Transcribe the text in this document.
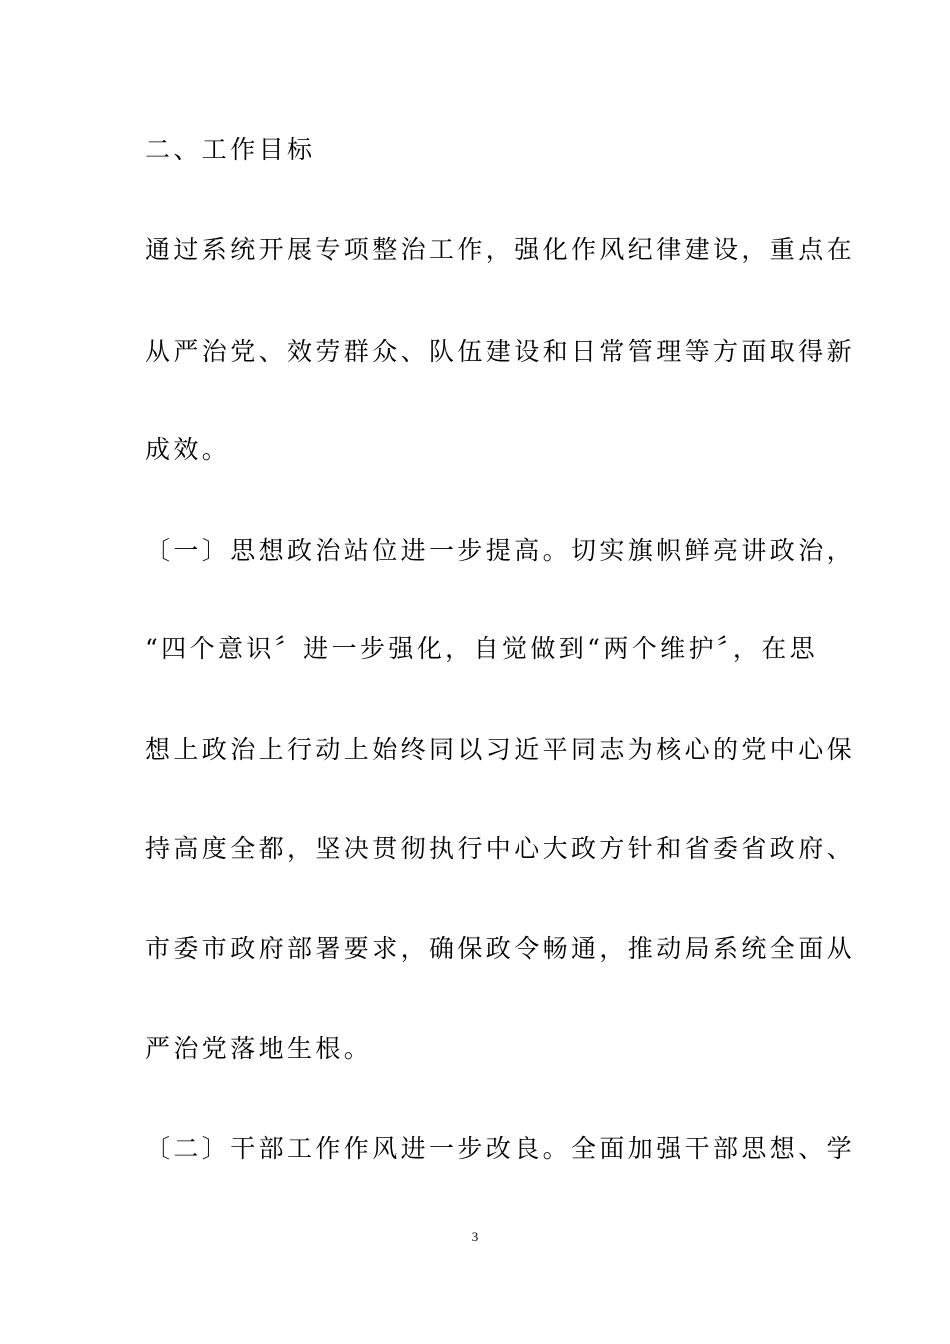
二、工作目标
通过系统开展专项整治工作，强化作风纪律建设，重点在
从严治党、效劳群众、队伍建设和日常管理等方面取得新
成效。
〔一〕思想政治站位进一步提高。切实旗帜鲜亮讲政治，
“四个意识〞进一步强化，自觉做到“两个维护〞，在思
想上政治上行动上始终同以习近平同志为核心的党中心保
持高度全都，坚决贯彻执行中心大政方针和省委省政府、
市委市政府部署要求，确保政令畅通，推动局系统全面从
严治党落地生根。
〔二〕干部工作作风进一步改良。全面加强干部思想、学
3
